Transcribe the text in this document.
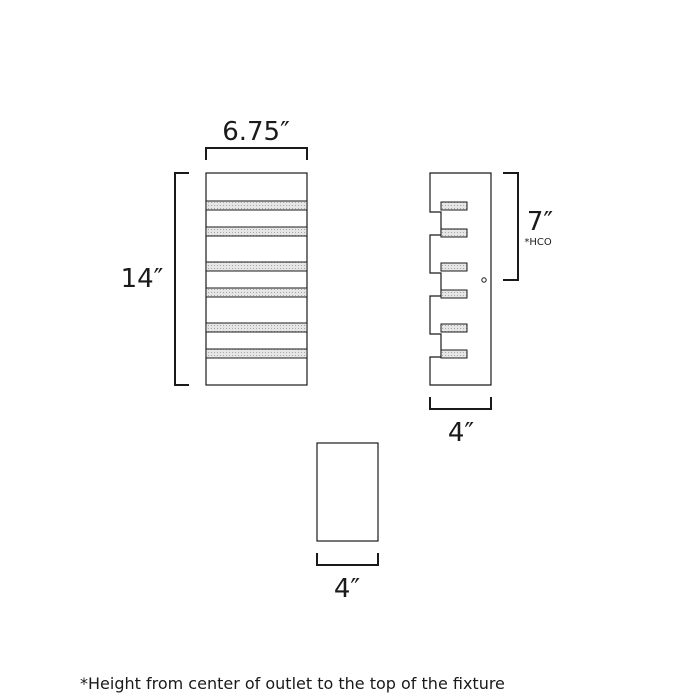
6.75″
14″
7″
*HCO
4″
4″
*Height from center of outlet to the top of the fixture
